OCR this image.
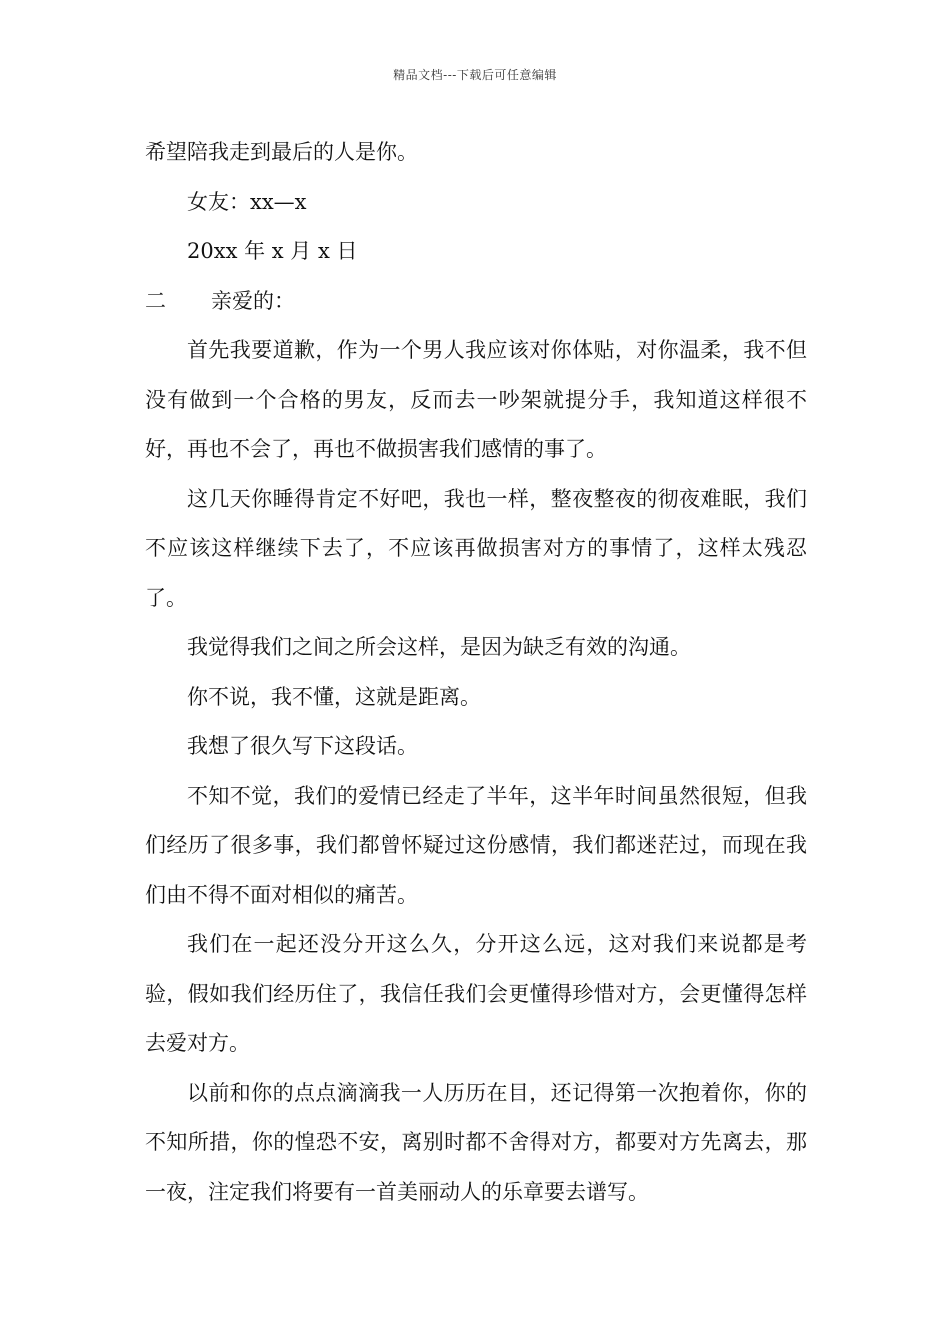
精品文档---下载后可任意编辑

希望陪我走到最后的人是你。

女友：xx—x

20xx 年 x 月 x 日

二	亲爱的：

首先我要道歉，作为一个男人我应该对你体贴，对你温柔，我不但没有做到一个合格的男友，反而去一吵架就提分手，我知道这样很不好，再也不会了，再也不做损害我们感情的事了。

这几天你睡得肯定不好吧，我也一样，整夜整夜的彻夜难眠，我们不应该这样继续下去了，不应该再做损害对方的事情了，这样太残忍了。

我觉得我们之间之所会这样，是因为缺乏有效的沟通。

你不说，我不懂，这就是距离。

我想了很久写下这段话。

不知不觉，我们的爱情已经走了半年，这半年时间虽然很短，但我们经历了很多事，我们都曾怀疑过这份感情，我们都迷茫过，而现在我们由不得不面对相似的痛苦。

我们在一起还没分开这么久，分开这么远，这对我们来说都是考验，假如我们经历住了，我信任我们会更懂得珍惜对方，会更懂得怎样去爱对方。

以前和你的点点滴滴我一人历历在目，还记得第一次抱着你，你的不知所措，你的惶恐不安，离别时都不舍得对方，都要对方先离去，那一夜，注定我们将要有一首美丽动人的乐章要去谱写。
